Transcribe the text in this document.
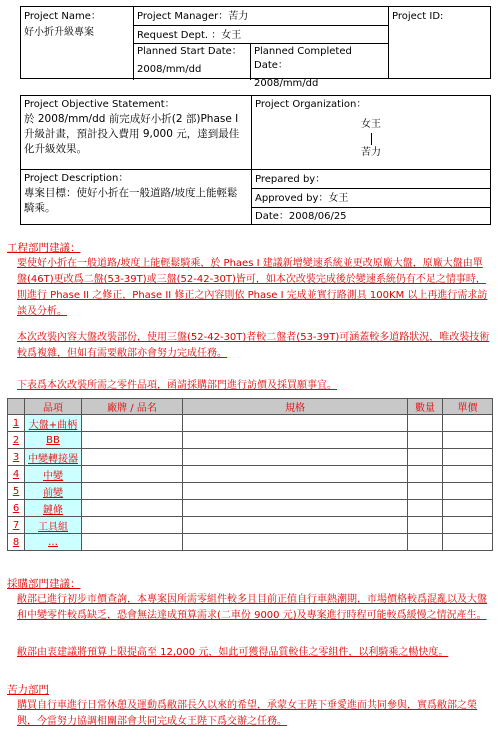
Project Name：
好小折升級專案
Project Manager：苦力
Request Dept. ：女王
Planned Start Date：
2008/mm/dd
Planned Completed Date：
2008/mm/dd
Project ID:
Project Objective Statement：
於 2008/mm/dd 前完成好小折(2 部)Phase I 升級計畫，預計投入費用 9,000 元，達到最佳化升級效果。
Project Organization：
女王
苦力
Project Description：
專案目標：使好小折在一般道路/坡度上能輕鬆騎乘。
Prepared by：
Approved by：女王
Date：2008/06/25
工程部門建議：
要使好小折在一般道路/坡度上能輕鬆騎乘，於 Phaes I 建議新增變速系統並更改原廠大盤，原廠大盤由單盤(46T)更改爲二盤(53-39T)或三盤(52-42-30T)皆可，如本次改裝完成後於變速系統仍有不足之情事時，則進行 Phase II 之修正，Phase II 修正之內容則依 Phase I 完成並實行路測具 100KM 以上再進行需求訪談及分析。
本次改裝內容大盤改裝部份，使用三盤(52-42-30T)者較二盤者(53-39T)可涵蓋較多道路狀況，唯改裝技術較爲複雜，但如有需要敝部亦會努力完成任務。
下表爲本次改裝所需之零件品項，函請採購部門進行訪價及採買願事宜。
	品項	廠牌 / 品名	規格	數量	單價
1	大盤+曲柄				
2	BB				
3	中變轉接器				
4	中變				
5	前變				
6	鏈條				
7	工具組				
8	…				
採購部門建議：
敝部已進行初步市價查詢，本專案因所需零組件較多且目前正值自行車熱潮期，市場價格較爲混亂以及大盤和中變零件較爲缺乏，恐會無法達成預算需求(二車份 9000 元)及專案進行時程可能較爲緩慢之情況產生。
敝部由衷建議將預算上限提高至 12,000 元，如此可獲得品質較佳之零組件，以利騎乘之暢快度。
苦力部門
購買自行車進行日常休憩及運動爲敝部長久以來的希望，承蒙女王陛下垂愛進而共同參與，實爲敝部之榮興，今當努力協調相關部會共同完成女王陛下爲交辦之任務。
